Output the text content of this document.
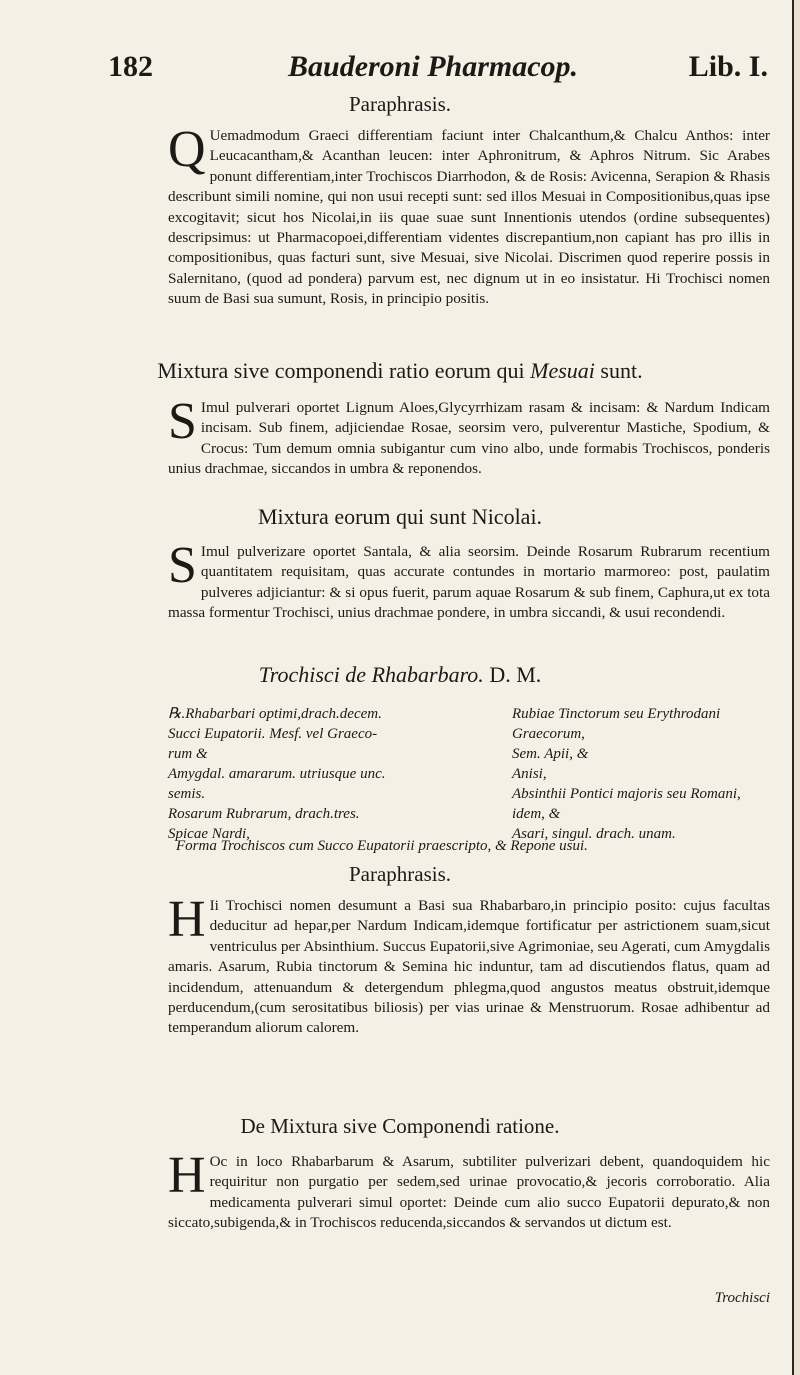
182	Bauderoni Pharmacop.	Lib. I.
Paraphrasis.
Q Uemadmodum Graeci differentiam faciunt inter Chalcanthum,& Chalcu Anthos: inter Leucacantham,& Acanthan leucen: inter Aphronitrum, & Aphros Nitrum. Sic Arabes ponunt differentiam,inter Trochiscos Diarrhodon, & de Rosis: Avicenna, Serapion & Rhasis describunt simili nomine, qui non usui recepti sunt: sed illos Mesuai in Compositionibus,quas ipse excogitavit; sicut hos Nicolai,in iis quae suae sunt Innentionis utendos (ordine subsequentes) descripsimus: ut Pharmacopoei,differentiam videntes discrepantium,non capiant has pro illis in compositionibus, quas facturi sunt, sive Mesuai, sive Nicolai. Discrimen quod reperire possis in Salernitano, (quod ad pondera) parvum est, nec dignum ut in eo insistatur. Hi Trochisci nomen suum de Basi sua sumunt, Rosis, in principio positis.
Mixtura sive componendi ratio eorum qui Mesuai sunt.
S Imul pulverari oportet Lignum Aloes,Glycyrrhizam rasam & incisam: & Nardum Indicam incisam. Sub finem, adjiciendae Rosae, seorsim vero, pulverentur Mastiche, Spodium, & Crocus: Tum demum omnia subigantur cum vino albo, unde formabis Trochiscos, ponderis unius drachmae, siccandos in umbra & reponendos.
Mixtura eorum qui sunt Nicolai.
S Imul pulverizare oportet Santala, & alia seorsim. Deinde Rosarum Rubrarum recentium quantitatem requisitam, quas accurate contundes in mortario marmoreo: post, paulatim pulveres adjiciantur: & si opus fuerit, parum aquae Rosarum & sub finem, Caphura,ut ex tota massa formentur Trochisci, unius drachmae pondere, in umbra siccandi, & usui recondendi.
Trochisci de Rhabarbaro. D. M.
℞.Rhabarbari optimi,drach.decem.
Succi Eupatorii. Mesf. vel Graeco-
rum &
Amygdal. amararum. utriusque unc.
semis.
Rosarum Rubrarum, drach.tres.
Spicae Nardi,
Rubiae Tinctorum seu Erythrodani
Graecorum,
Sem. Apii, &
Anisi,
Absinthii Pontici majoris seu Romani,
idem, &
Asari, singul. drach. unam.
Forma Trochiscos cum Succo Eupatorii praescripto, & Repone usui.
Paraphrasis.
H Ii Trochisci nomen desumunt a Basi sua Rhabarbaro,in principio posito: cujus facultas deducitur ad hepar,per Nardum Indicam,idemque fortificatur per astrictionem suam,sicut ventriculus per Absinthium. Succus Eupatorii,sive Agrimoniae, seu Agerati, cum Amygdalis amaris. Asarum, Rubia tinctorum & Semina hic induntur, tam ad discutiendos flatus, quam ad incidendum, attenuandum & detergendum phlegma,quod angustos meatus obstruit,idemque perducendum,(cum serositatibus biliosis) per vias urinae & Menstruorum. Rosae adhibentur ad temperandum aliorum calorem.
De Mixtura sive Componendi ratione.
H Oc in loco Rhabarbarum & Asarum, subtiliter pulverizari debent, quandoquidem hic requiritur non purgatio per sedem,sed urinae provocatio,& jecoris corroboratio. Alia medicamenta pulverari simul oportet: Deinde cum alio succo Eupatorii depurato,& non siccato,subigenda,& in Trochiscos reducenda,siccandos & servandos ut dictum est.
Trochisci
